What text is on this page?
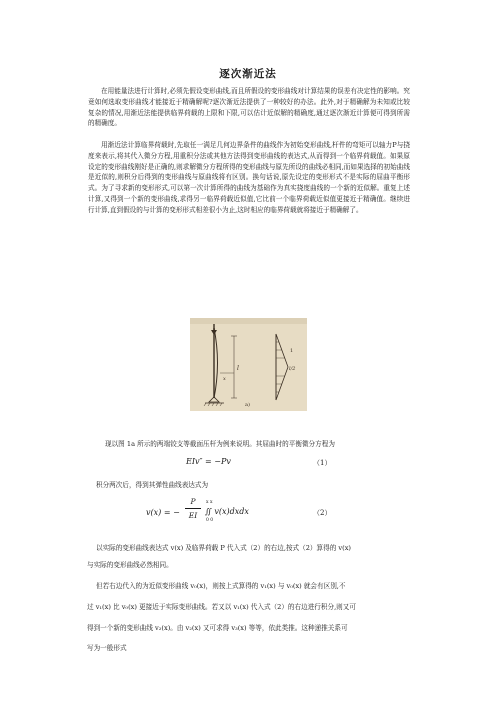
逐次渐近法

在用能量法进行计算时,必须先假设变形曲线,而且所假设的变形曲线对计算结果的误差有决定性的影响。究竟如何选取变形曲线才能接近于精确解呢?逐次渐近法提供了一种较好的办法。此外,对于精确解为未知或比较复杂的情况,用渐近法能提供临界荷载的上限和下限,可以估计近似解的精确度,通过逐次渐近计算便可得到所需的精确度。

用渐近法计算临界荷载时,先取任一满足几何边界条件的曲线作为初始变形曲线,杆件的弯矩可以轴力P与挠度来表示,将其代入微分方程,用重积分法或其他方法得到变形曲线的表达式,从而得到一个临界荷载值。如果原设定的变形曲线刚好是正确的,则求解微分方程所得的变形曲线与原先所设的曲线必相同,而如果选择的初始曲线是近似的,则积分后得到的变形曲线与原曲线将有区别。换句话说,原先设定的变形形式不是实际的屈曲平衡形式。为了寻求新的变形形式,可以第一次计算所得的曲线为基础作为真实挠度曲线的一个新的近似解。重复上述计算,又得到一个新的变形曲线,求得另一临界荷载近似值,它比前一个临界荷载近似值更接近于精确值。继续进行计算,直到假设的与计算的变形形式相差很小为止,这时相应的临界荷载就将接近于精确解了。

l
x
1
l/2
a)
现以图 1a 所示的两端铰支等截面压杆为例来说明。其屈曲时的平衡微分方程为
EIv″ = −Pv	（1）
积分两次后，得到其弹性曲线表达式为
v(x) = −
P
EI
x x
∬ v(x)dxdx
0 0
（2）
以实际的变形曲线表达式 v(x) 及临界荷载 P 代入式（2）的右边,按式（2）算得的 v(x)
与实际的变形曲线必然相同。
但若右边代入的为近似变形曲线 v₀(x)，则按上式算得的 v₁(x) 与 v₀(x) 就会有区别,不
过 v₁(x) 比 v₀(x) 更接近于实际变形曲线。若又以 v₁(x) 代入式（2）的右边进行积分,则又可
得到一个新的变形曲线 v₂(x)。由 v₂(x) 又可求得 v₃(x) 等等，依此类推。这种递推关系可
写为一般形式
